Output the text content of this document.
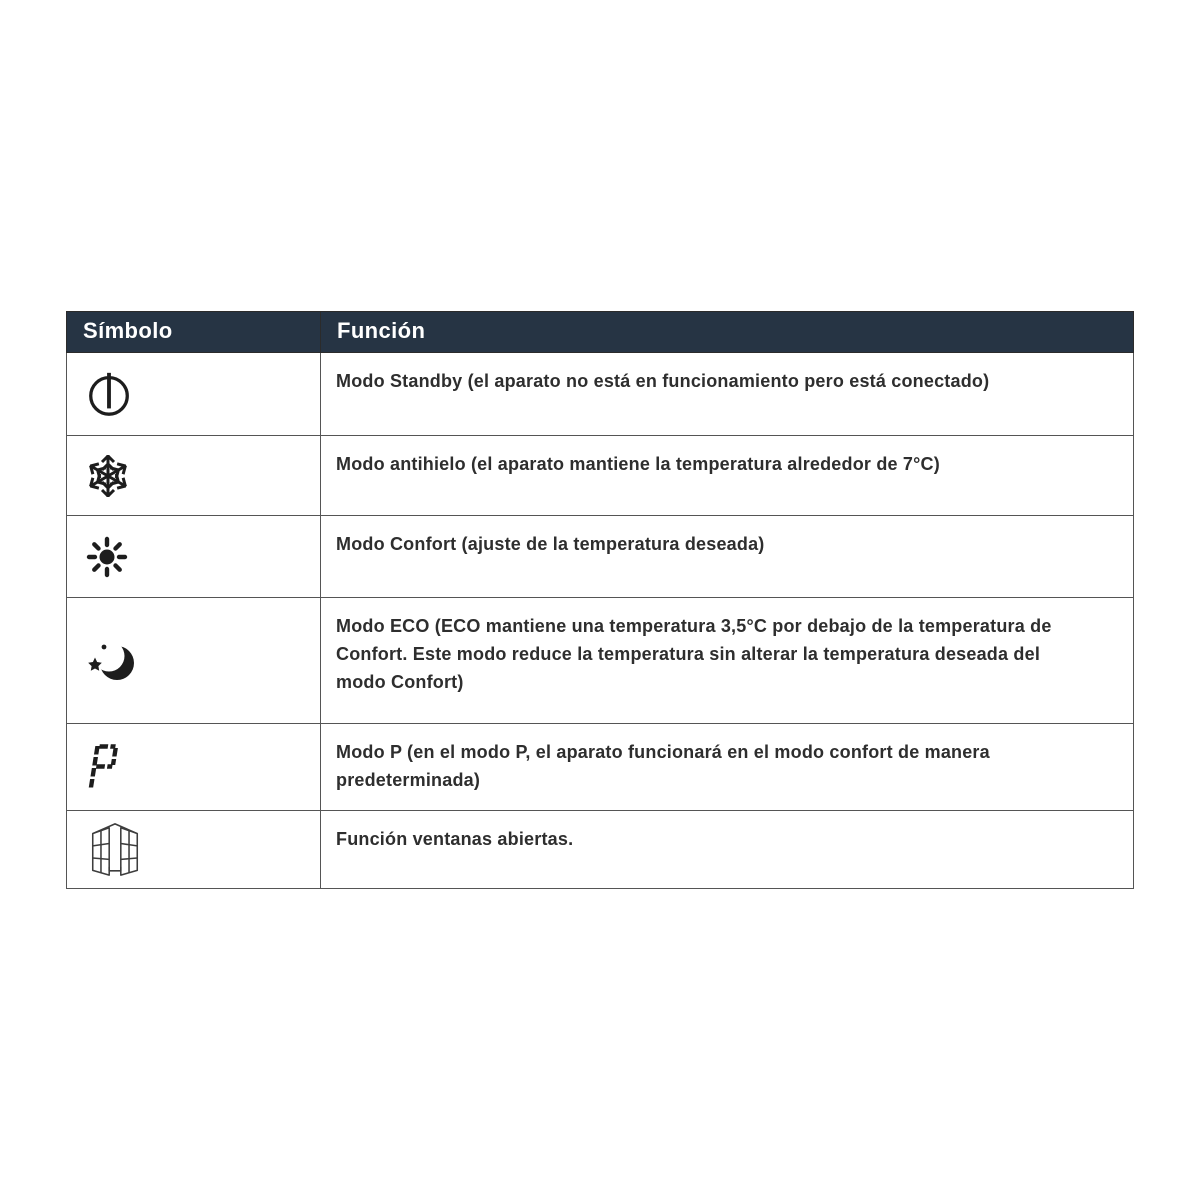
Símbolo	Función

	Modo Standby (el aparato no está en funcionamiento pero está conectado)

	Modo antihielo (el aparato mantiene la temperatura alrededor de 7°C)

	Modo Confort (ajuste de la temperatura deseada)

	Modo ECO (ECO mantiene una temperatura 3,5°C por debajo de la temperatura de Confort. Este modo reduce la temperatura sin alterar la temperatura deseada del modo Confort)

	Modo P (en el modo P, el aparato funcionará en el modo confort de manera predeterminada)

	Función ventanas abiertas.
